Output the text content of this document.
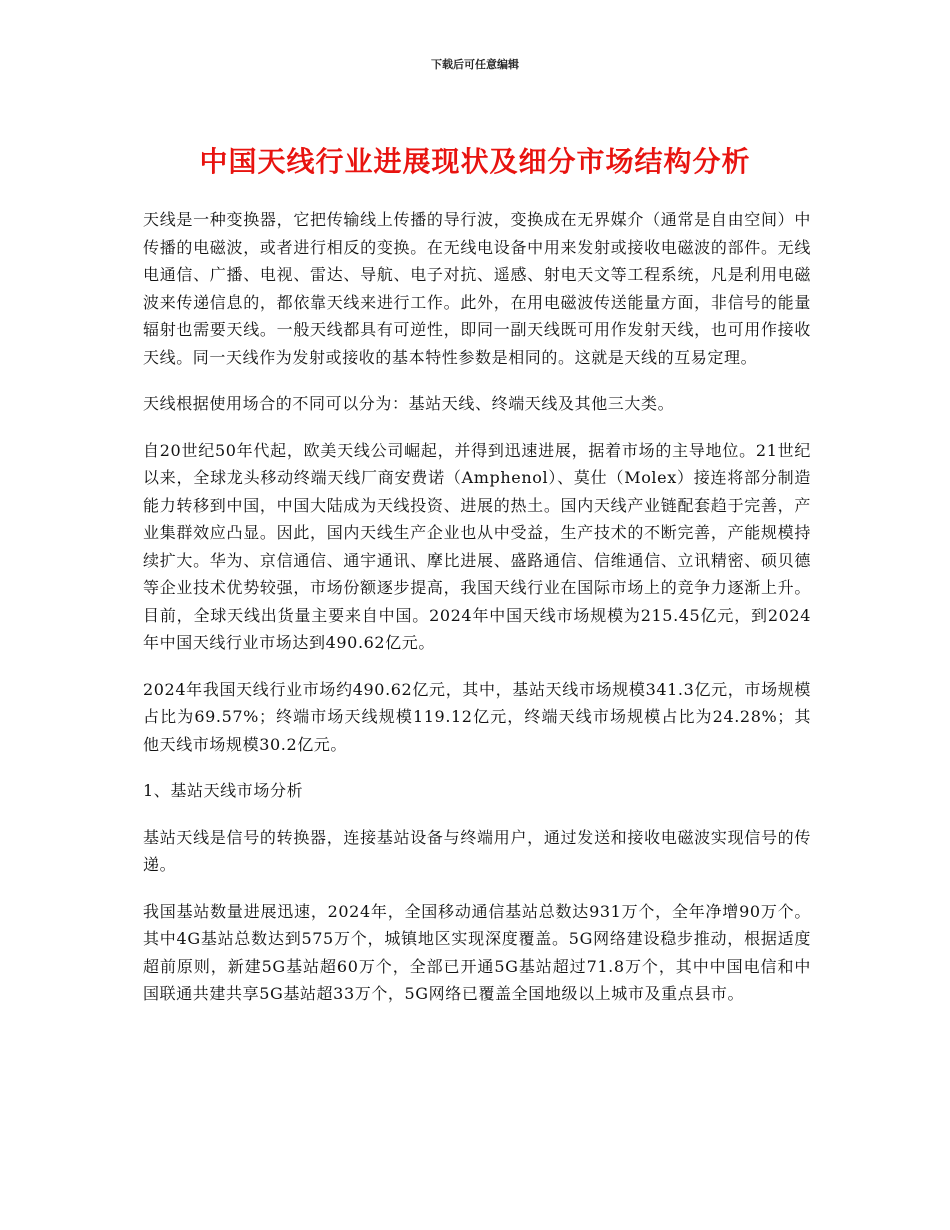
下载后可任意编辑
中国天线行业进展现状及细分市场结构分析

天线是一种变换器，它把传输线上传播的导行波，变换成在无界媒介（通常是自由空间）中传播的电磁波，或者进行相反的变换。在无线电设备中用来发射或接收电磁波的部件。无线电通信、广播、电视、雷达、导航、电子对抗、遥感、射电天文等工程系统，凡是利用电磁波来传递信息的，都依靠天线来进行工作。此外，在用电磁波传送能量方面，非信号的能量辐射也需要天线。一般天线都具有可逆性，即同一副天线既可用作发射天线，也可用作接收天线。同一天线作为发射或接收的基本特性参数是相同的。这就是天线的互易定理。

天线根据使用场合的不同可以分为：基站天线、终端天线及其他三大类。

自20世纪50年代起，欧美天线公司崛起，并得到迅速进展，据着市场的主导地位。21世纪以来，全球龙头移动终端天线厂商安费诺（Amphenol）、莫仕（Molex）接连将部分制造能力转移到中国，中国大陆成为天线投资、进展的热土。国内天线产业链配套趋于完善，产业集群效应凸显。因此，国内天线生产企业也从中受益，生产技术的不断完善，产能规模持续扩大。华为、京信通信、通宇通讯、摩比进展、盛路通信、信维通信、立讯精密、硕贝德等企业技术优势较强，市场份额逐步提高，我国天线行业在国际市场上的竞争力逐渐上升。目前，全球天线出货量主要来自中国。2024年中国天线市场规模为215.45亿元，到2024年中国天线行业市场达到490.62亿元。

2024年我国天线行业市场约490.62亿元，其中，基站天线市场规模341.3亿元，市场规模占比为69.57%；终端市场天线规模119.12亿元，终端天线市场规模占比为24.28%；其他天线市场规模30.2亿元。

1、基站天线市场分析

基站天线是信号的转换器，连接基站设备与终端用户，通过发送和接收电磁波实现信号的传递。

我国基站数量进展迅速，2024年，全国移动通信基站总数达931万个，全年净增90万个。其中4G基站总数达到575万个，城镇地区实现深度覆盖。5G网络建设稳步推动，根据适度超前原则，新建5G基站超60万个，全部已开通5G基站超过71.8万个，其中中国电信和中国联通共建共享5G基站超33万个，5G网络已覆盖全国地级以上城市及重点县市。
